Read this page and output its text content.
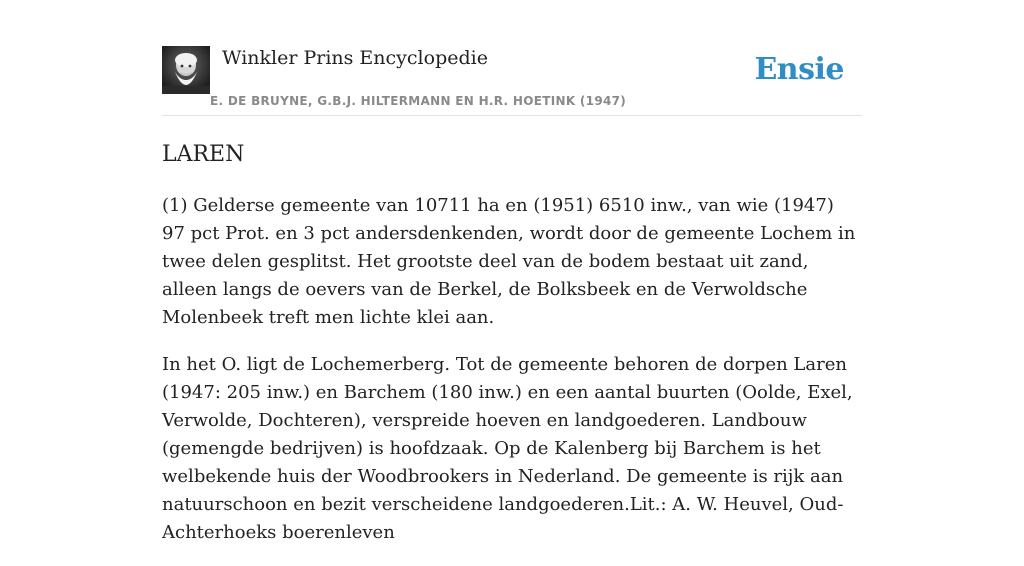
Winkler Prins Encyclopedie
E. DE BRUYNE, G.B.J. HILTERMANN EN H.R. HOETINK (1947)
Ensie
LAREN

(1) Gelderse gemeente van 10711 ha en (1951) 6510 inw., van wie (1947) 97 pct Prot. en 3 pct andersdenkenden, wordt door de gemeente Lochem in twee delen gesplitst. Het grootste deel van de bodem bestaat uit zand, alleen langs de oevers van de Berkel, de Bolksbeek en de Verwoldsche Molenbeek treft men lichte klei aan.

In het O. ligt de Lochemerberg. Tot de gemeente behoren de dorpen Laren (1947: 205 inw.) en Barchem (180 inw.) en een aantal buurten (Oolde, Exel, Verwolde, Dochteren), verspreide hoeven en landgoederen. Landbouw (gemengde bedrijven) is hoofdzaak. Op de Kalenberg bij Barchem is het welbekende huis der Woodbrookers in Nederland. De gemeente is rijk aan natuurschoon en bezit verscheidene landgoederen.Lit.: A. W. Heuvel, Oud-Achterhoeks boerenleven
